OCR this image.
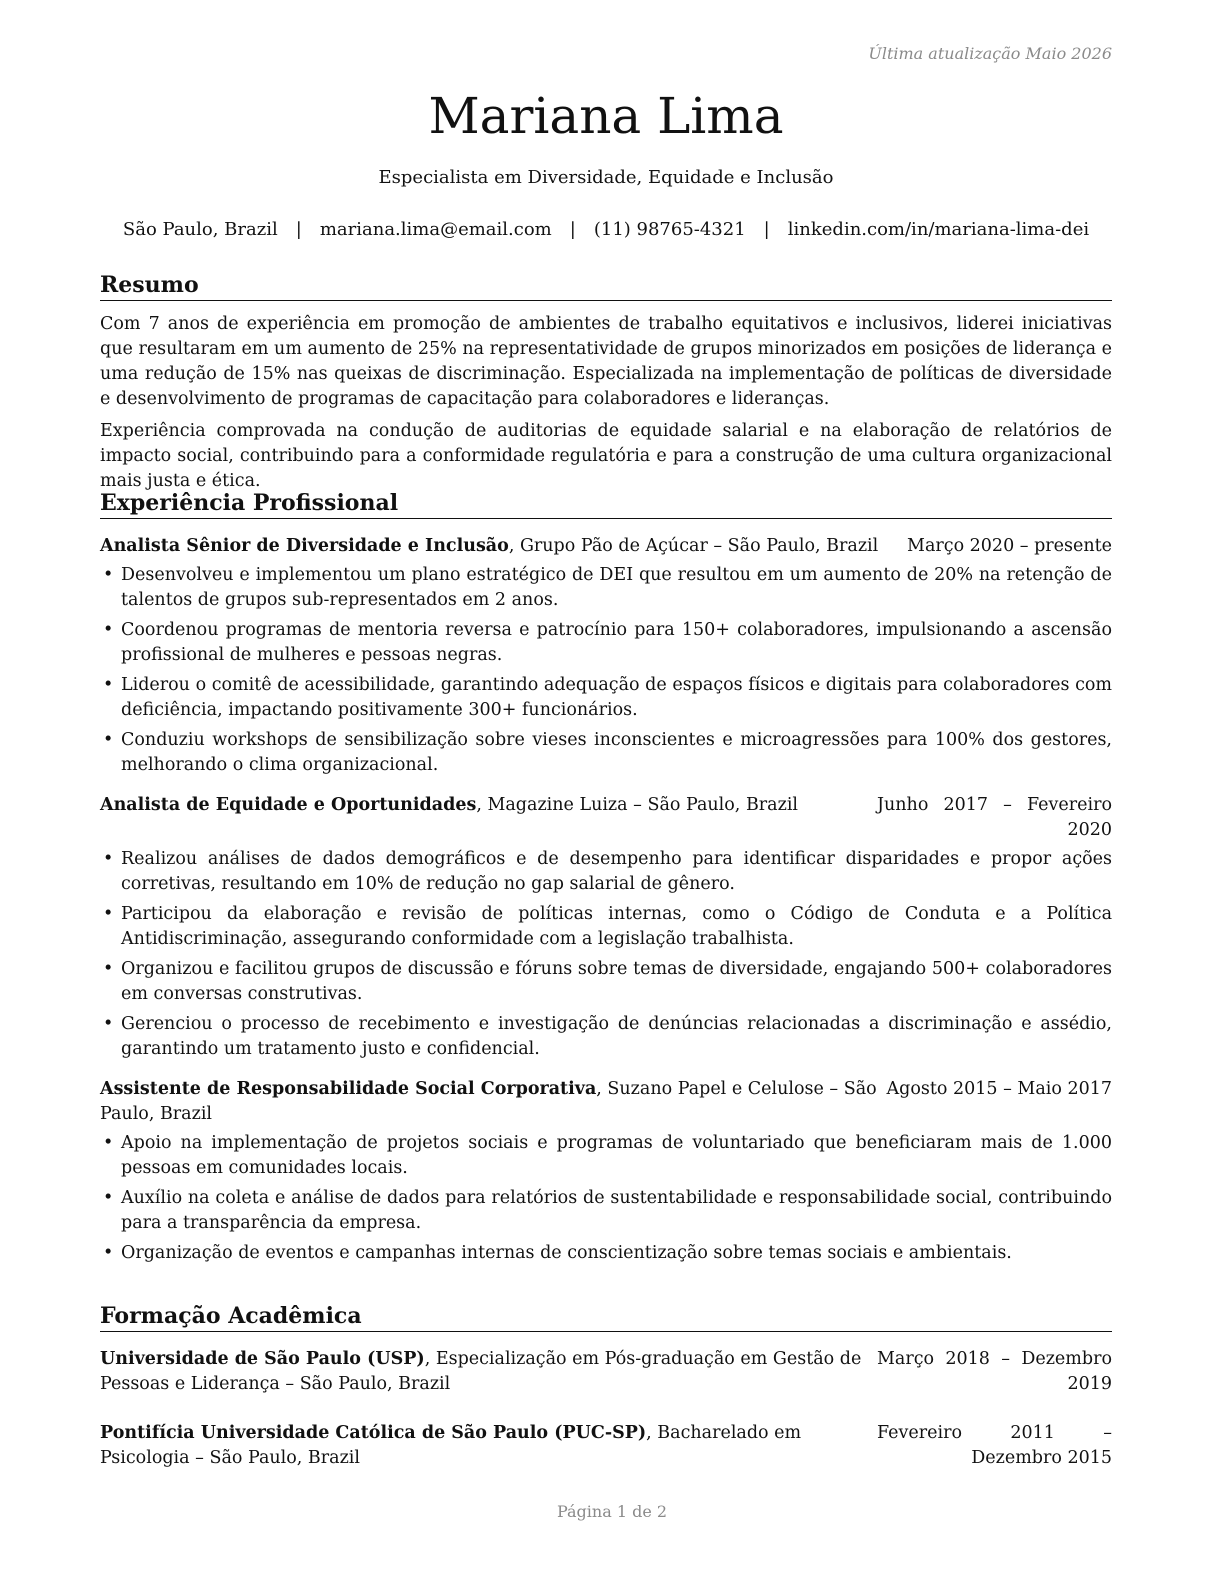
Última atualização Maio 2026
Mariana Lima
Especialista em Diversidade, Equidade e Inclusão
São Paulo, Brazil | mariana.lima@email.com | (11) 98765-4321 | linkedin.com/in/mariana-lima-dei
Resumo

Com 7 anos de experiência em promoção de ambientes de trabalho equitativos e inclusivos, liderei iniciativas que resultaram em um aumento de 25% na representatividade de grupos minorizados em posições de liderança e uma redução de 15% nas queixas de discriminação. Especializada na implementação de políticas de diversidade e desenvolvimento de programas de capacitação para colaboradores e lideranças.

Experiência comprovada na condução de auditorias de equidade salarial e na elaboração de relatórios de impacto social, contribuindo para a conformidade regulatória e para a construção de uma cultura organizacional mais justa e ética.

Experiência Profissional
Analista Sênior de Diversidade e Inclusão, Grupo Pão de Açúcar – São Paulo, Brazil Março 2020 – presente
• Desenvolveu e implementou um plano estratégico de DEI que resultou em um aumento de 20% na retenção de talentos de grupos sub-representados em 2 anos.
• Coordenou programas de mentoria reversa e patrocínio para 150+ colaboradores, impulsionando a ascensão profissional de mulheres e pessoas negras.
• Liderou o comitê de acessibilidade, garantindo adequação de espaços físicos e digitais para colaboradores com deficiência, impactando positivamente 300+ funcionários.
• Conduziu workshops de sensibilização sobre vieses inconscientes e microagressões para 100% dos gestores, melhorando o clima organizacional.
Analista de Equidade e Oportunidades, Magazine Luiza – São Paulo, Brazil	Junho 2017 – Fevereiro 2020
• Realizou análises de dados demográficos e de desempenho para identificar disparidades e propor ações corretivas, resultando em 10% de redução no gap salarial de gênero.
• Participou da elaboração e revisão de políticas internas, como o Código de Conduta e a Política Antidiscriminação, assegurando conformidade com a legislação trabalhista.
• Organizou e facilitou grupos de discussão e fóruns sobre temas de diversidade, engajando 500+ colaboradores em conversas construtivas.
• Gerenciou o processo de recebimento e investigação de denúncias relacionadas a discriminação e assédio, garantindo um tratamento justo e confidencial.
Assistente de Responsabilidade Social Corporativa, Suzano Papel e Celulose – São Paulo, Brazil
Agosto 2015 – Maio 2017
• Apoio na implementação de projetos sociais e programas de voluntariado que beneficiaram mais de 1.000 pessoas em comunidades locais.
• Auxílio na coleta e análise de dados para relatórios de sustentabilidade e responsabilidade social, contribuindo para a transparência da empresa.
• Organização de eventos e campanhas internas de conscientização sobre temas sociais e ambientais.
Formação Acadêmica
Universidade de São Paulo (USP), Especialização em Pós-graduação em Gestão de Pessoas e Liderança – São Paulo, Brazil
Março 2018 – Dezembro 2019
Pontifícia Universidade Católica de São Paulo (PUC-SP), Bacharelado em Psicologia – São Paulo, Brazil
Fevereiro 2011 – Dezembro 2015
Página 1 de 2
